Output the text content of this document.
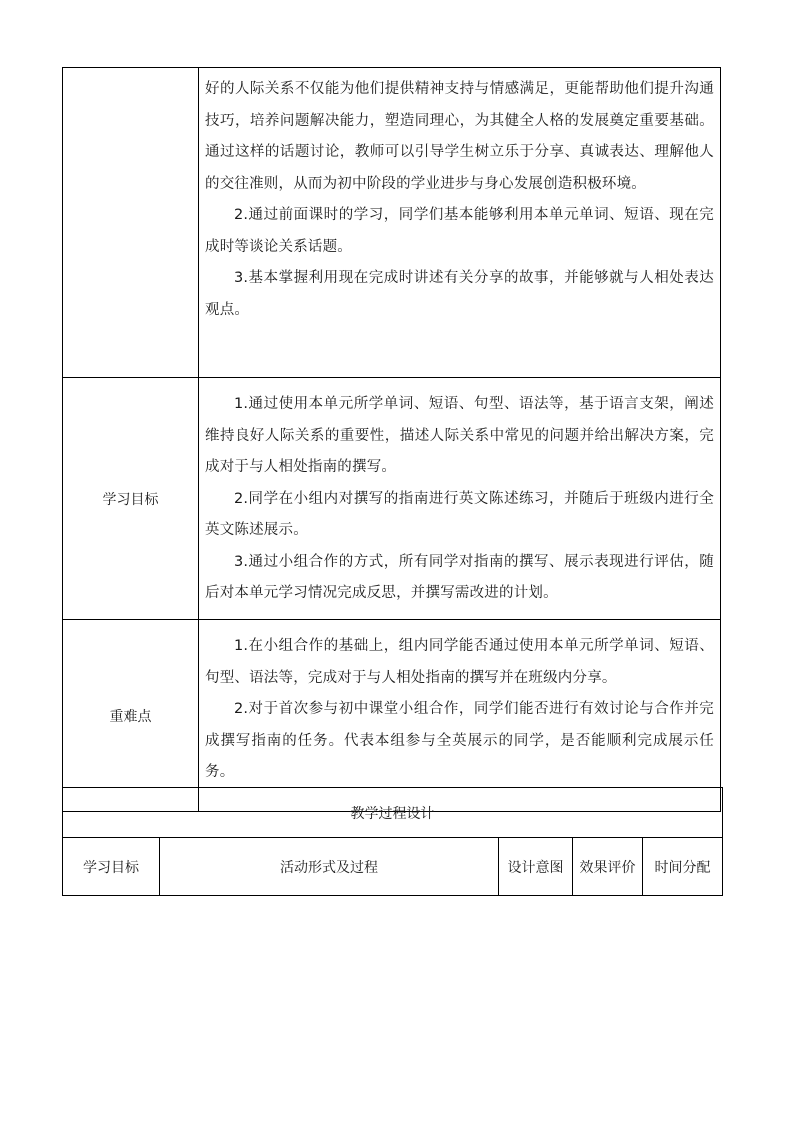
	好的人际关系不仅能为他们提供精神支持与情感满足，更能帮助他们提升沟通技巧，培养问题解决能力，塑造同理心，为其健全人格的发展奠定重要基础。通过这样的话题讨论，教师可以引导学生树立乐于分享、真诚表达、理解他人的交往准则，从而为初中阶段的学业进步与身心发展创造积极环境。

2.通过前面课时的学习，同学们基本能够利用本单元单词、短语、现在完成时等谈论关系话题。

3.基本掌握利用现在完成时讲述有关分享的故事，并能够就与人相处表达观点。

学习目标	1.通过使用本单元所学单词、短语、句型、语法等，基于语言支架，阐述维持良好人际关系的重要性，描述人际关系中常见的问题并给出解决方案，完成对于与人相处指南的撰写。

2.同学在小组内对撰写的指南进行英文陈述练习，并随后于班级内进行全英文陈述展示。

3.通过小组合作的方式，所有同学对指南的撰写、展示表现进行评估，随后对本单元学习情况完成反思，并撰写需改进的计划。

重难点	1.在小组合作的基础上，组内同学能否通过使用本单元所学单词、短语、句型、语法等，完成对于与人相处指南的撰写并在班级内分享。

2.对于首次参与初中课堂小组合作，同学们能否进行有效讨论与合作并完成撰写指南的任务。代表本组参与全英展示的同学，是否能顺利完成展示任务。

教学过程设计
学习目标	活动形式及过程	设计意图	效果评价	时间分配
